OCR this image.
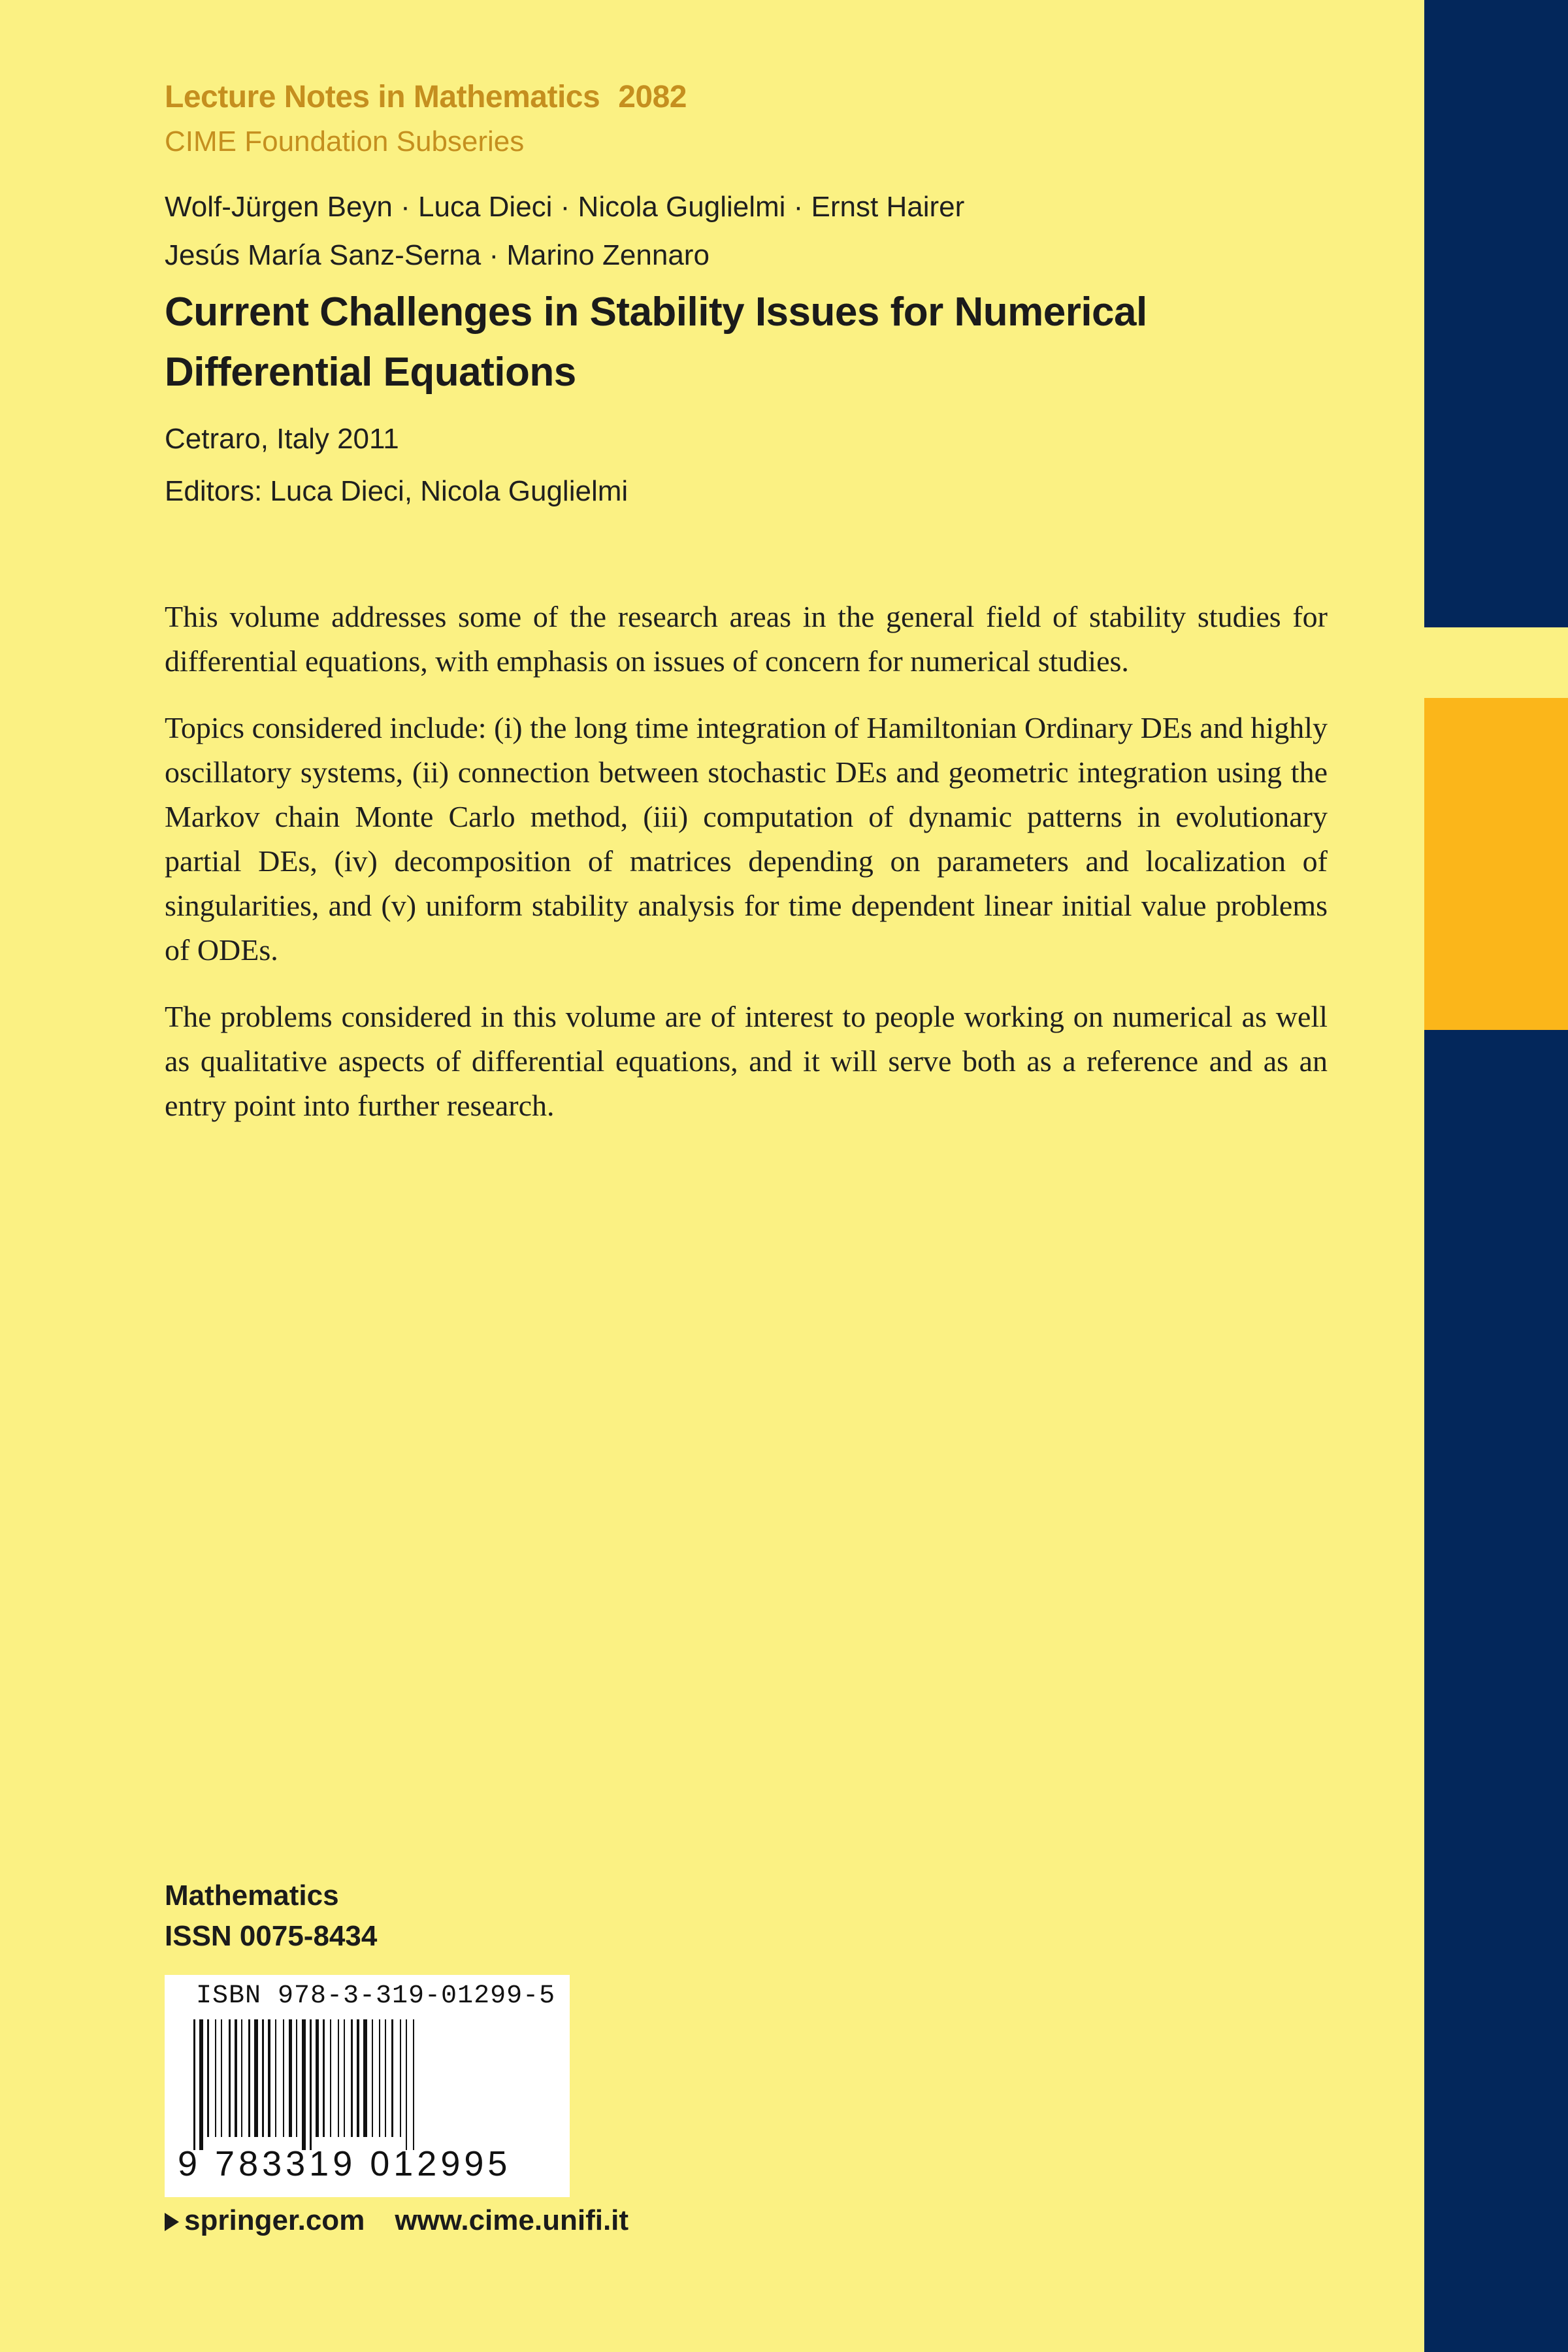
Lecture Notes in Mathematics 2082
CIME Foundation Subseries
Wolf-Jürgen Beyn · Luca Dieci · Nicola Guglielmi · Ernst Hairer
Jesús María Sanz-Serna · Marino Zennaro
Current Challenges in Stability Issues for Numerical Differential Equations
Cetraro, Italy 2011
Editors: Luca Dieci, Nicola Guglielmi

This volume addresses some of the research areas in the general field of stability studies for differential equations, with emphasis on issues of concern for numerical studies.

Topics considered include: (i) the long time integration of Hamiltonian Ordinary DEs and highly oscillatory systems, (ii) connection between stochastic DEs and geometric integration using the Markov chain Monte Carlo method, (iii) computation of dynamic patterns in evolutionary partial DEs, (iv) decomposition of matrices depending on parameters and localization of singularities, and (v) uniform stability analysis for time dependent linear initial value problems of ODEs.

The problems considered in this volume are of interest to people working on numerical as well as qualitative aspects of differential equations, and it will serve both as a reference and as an entry point into further research.

Mathematics
ISSN 0075-8434
ISBN 978-3-319-01299-5
9 783319 012995
springer.com www.cime.unifi.it
